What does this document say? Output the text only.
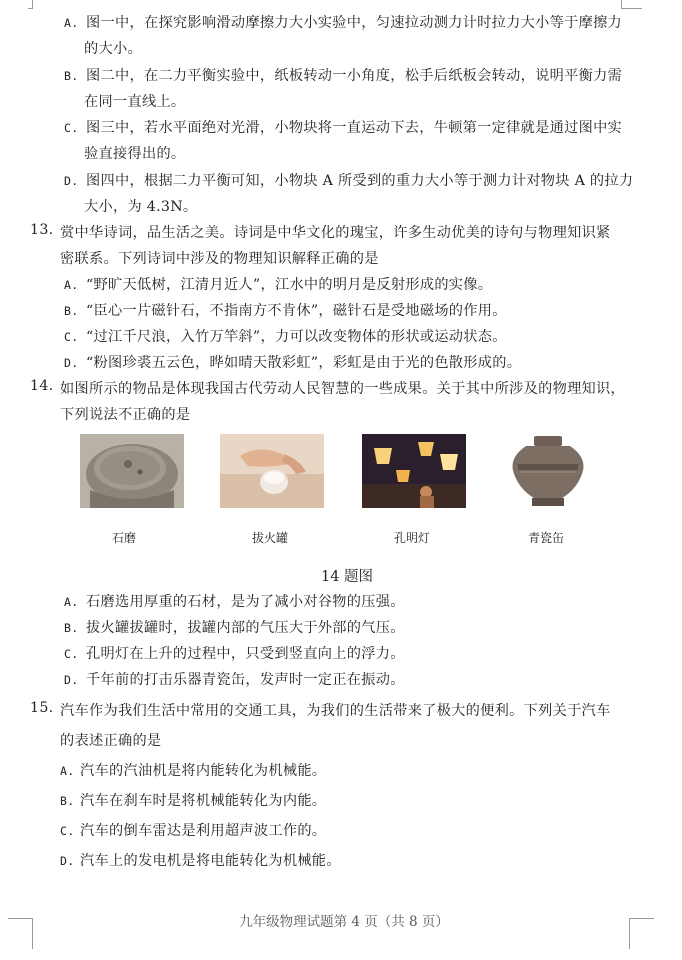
A. 图一中，在探究影响滑动摩擦力大小实验中，匀速拉动测力计时拉力大小等于摩擦力
的大小。
B. 图二中，在二力平衡实验中，纸板转动一小角度，松手后纸板会转动，说明平衡力需
在同一直线上。
C. 图三中，若水平面绝对光滑，小物块将一直运动下去，牛顿第一定律就是通过图中实
验直接得出的。
D. 图四中，根据二力平衡可知，小物块 A 所受到的重力大小等于测力计对物块 A 的拉力
大小，为 4.3N。
13. 赏中华诗词，品生活之美。诗词是中华文化的瑰宝，许多生动优美的诗句与物理知识紧
密联系。下列诗词中涉及的物理知识解释正确的是
A. “野旷天低树，江清月近人”，江水中的明月是反射形成的实像。
B. “臣心一片磁针石，不指南方不肯休”，磁针石是受地磁场的作用。
C. “过江千尺浪，入竹万竿斜”，力可以改变物体的形状或运动状态。
D. “粉图珍裘五云色，晔如晴天散彩虹”，彩虹是由于光的色散形成的。
14. 如图所示的物品是体现我国古代劳动人民智慧的一些成果。关于其中所涉及的物理知识，
下列说法不正确的是
石磨	拔火罐	孔明灯	青瓷缶
14 题图
A. 石磨选用厚重的石材，是为了减小对谷物的压强。
B. 拔火罐拔罐时，拔罐内部的气压大于外部的气压。
C. 孔明灯在上升的过程中，只受到竖直向上的浮力。
D. 千年前的打击乐器青瓷缶，发声时一定正在振动。
15. 汽车作为我们生活中常用的交通工具，为我们的生活带来了极大的便利。下列关于汽车
的表述正确的是
A. 汽车的汽油机是将内能转化为机械能。
B. 汽车在刹车时是将机械能转化为内能。
C. 汽车的倒车雷达是利用超声波工作的。
D. 汽车上的发电机是将电能转化为机械能。
九年级物理试题第 4 页（共 8 页）
